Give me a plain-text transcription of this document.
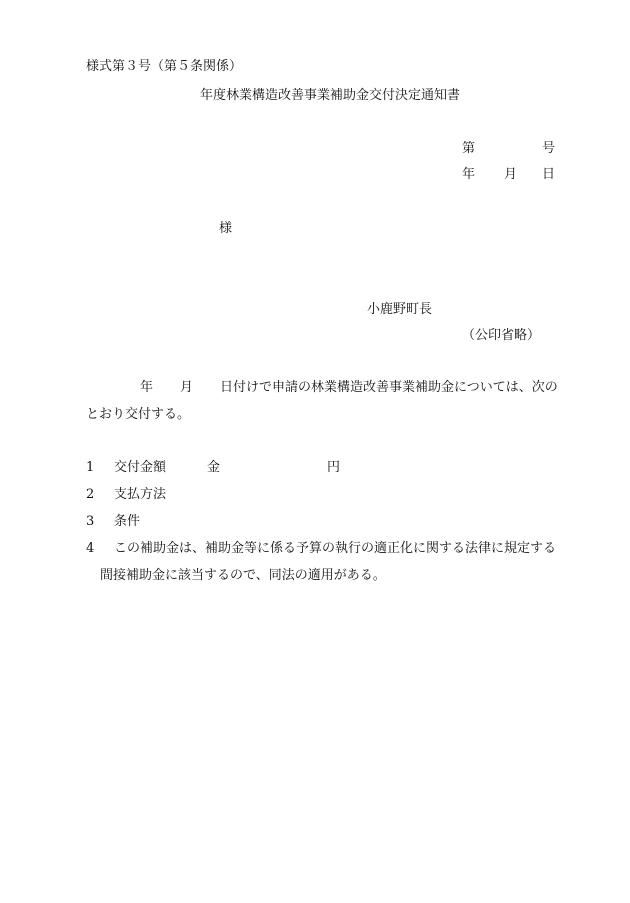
様式第３号（第５条関係）
年度林業構造改善事業補助金交付決定通知書
第	号
年 月 日
様
小鹿野町長
（公印省略）
年 月 日付けで申請の林業構造改善事業補助金については、次の
とおり交付する。
1 交付金額	金	円
2 支払方法
3 条件
4 この補助金は、補助金等に係る予算の執行の適正化に関する法律に規定する
間接補助金に該当するので、同法の適用がある。
